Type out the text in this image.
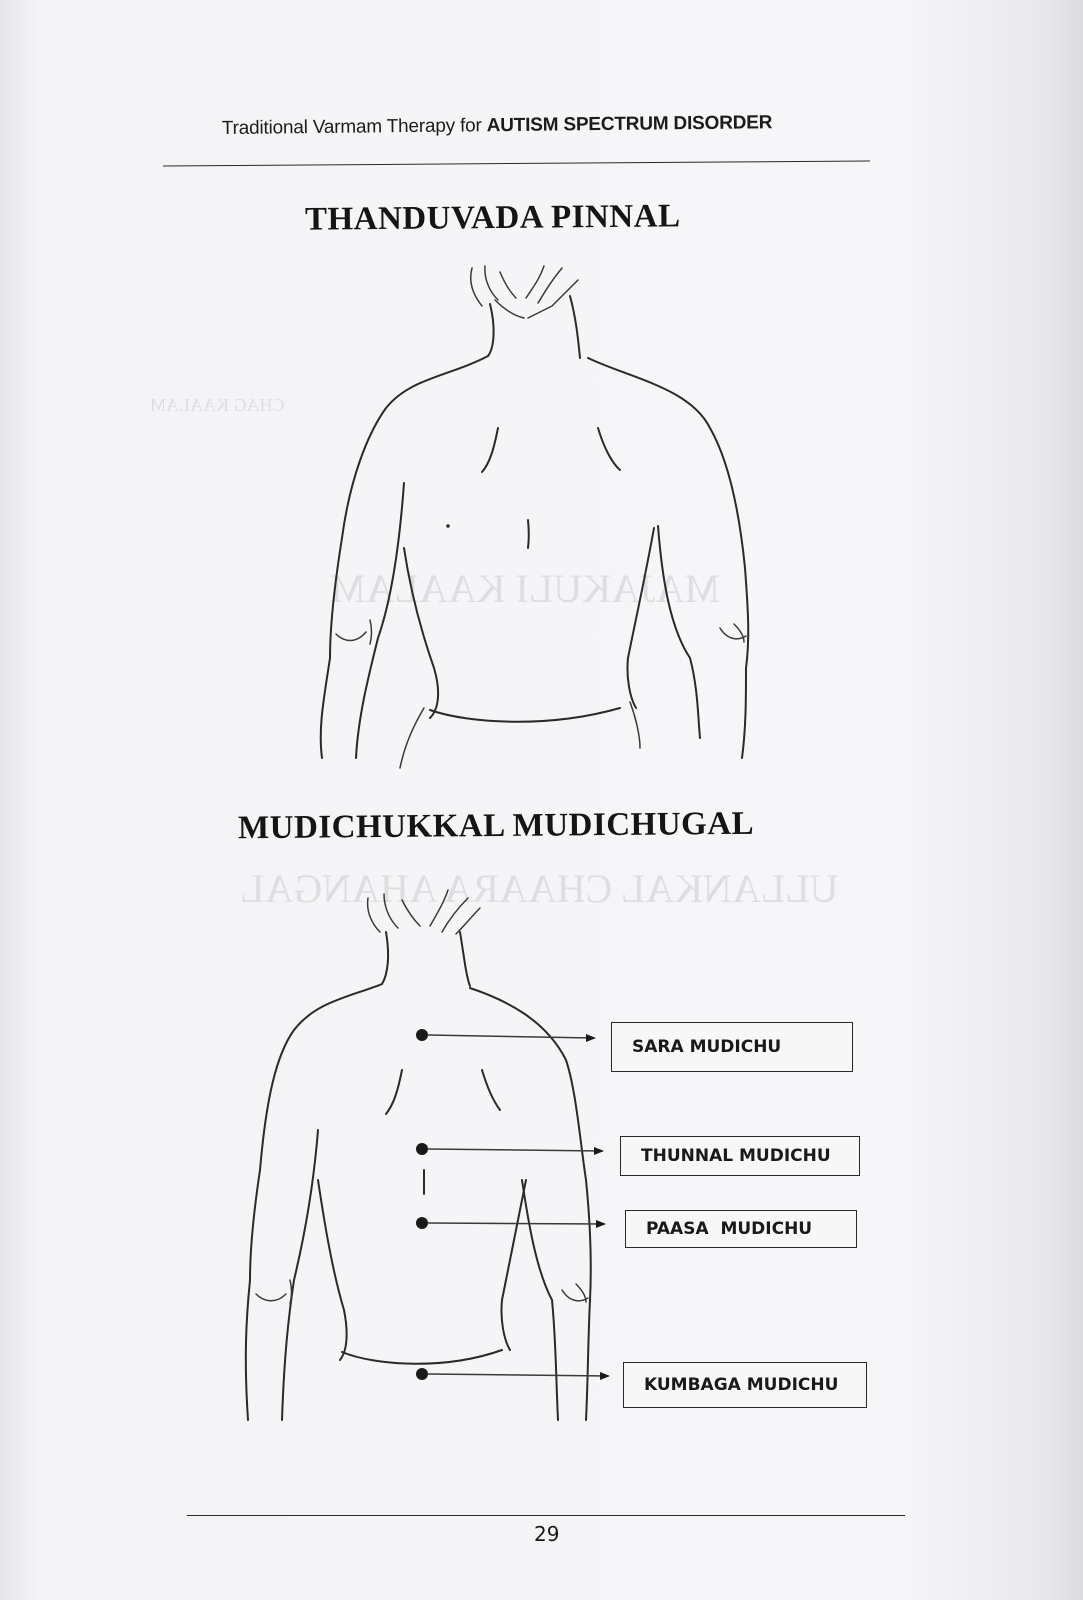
MAJAKULI KAALAM
ULLANKAL CHAARA AHANGAL
CHAG KAALAM
Traditional Varmam Therapy for AUTISM SPECTRUM DISORDER
THANDUVADA PINNAL
MUDICHUKKAL MUDICHUGAL
SARA MUDICHU
THUNNAL MUDICHU
PAASA  MUDICHU
KUMBAGA MUDICHU
29
